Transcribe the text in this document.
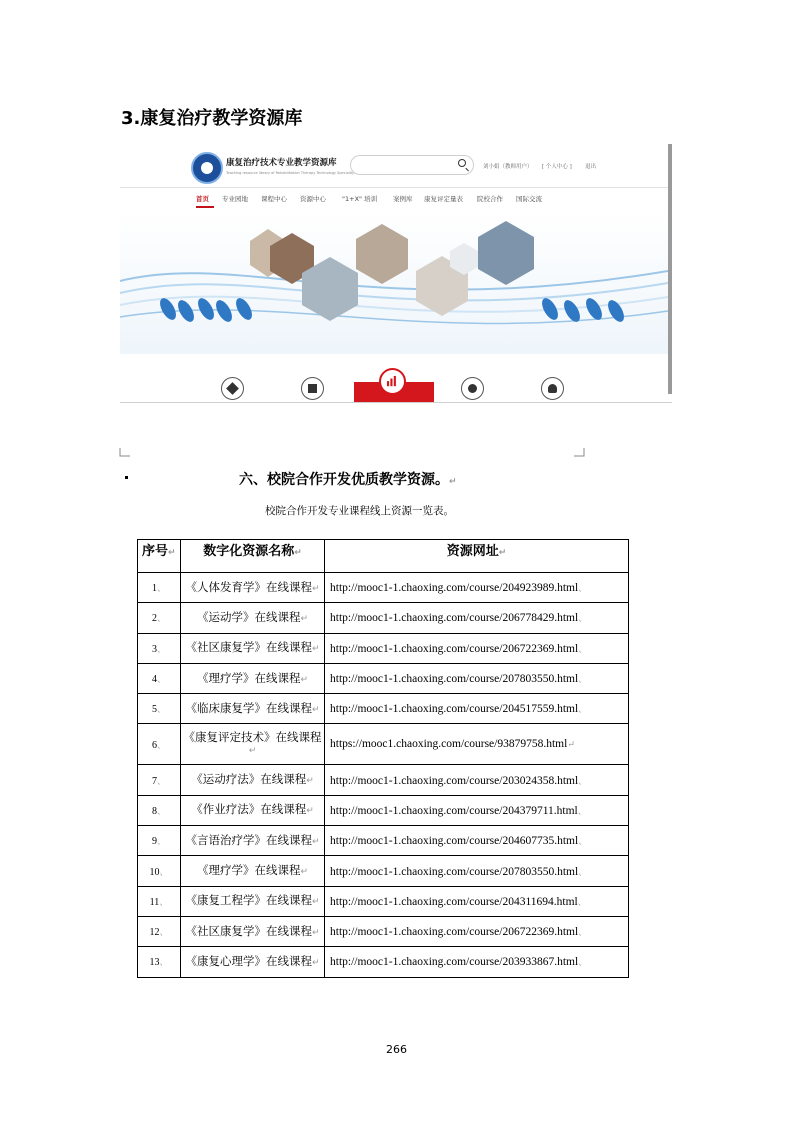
3.康复治疗教学资源库
康复治疗技术专业教学资源库
Teaching resource library of Rehabilitation Therapy Technology Speciality
刘小娟（教师用户） [ 个人中心 ] 退出
首页 专业园地 课程中心 资源中心 "1+X" 培训 案例库 康复评定量表 院校合作 国际交流
六、校院合作开发优质教学资源。↵
校院合作开发专业课程线上资源一览表。
序号↵	数字化资源名称↵	资源网址↵
1、	《人体发育学》在线课程↵	http://mooc1-1.chaoxing.com/course/204923989.html、
2、	《运动学》在线课程↵	http://mooc1-1.chaoxing.com/course/206778429.html、
3、	《社区康复学》在线课程↵	http://mooc1-1.chaoxing.com/course/206722369.html、
4、	《理疗学》在线课程↵	http://mooc1-1.chaoxing.com/course/207803550.html、
5、	《临床康复学》在线课程↵	http://mooc1-1.chaoxing.com/course/204517559.html、
6、	《康复评定技术》在线课程↵	https://mooc1.chaoxing.com/course/93879758.html↵
7、	《运动疗法》在线课程↵	http://mooc1-1.chaoxing.com/course/203024358.html、
8、	《作业疗法》在线课程↵	http://mooc1-1.chaoxing.com/course/204379711.html、
9、	《言语治疗学》在线课程↵	http://mooc1-1.chaoxing.com/course/204607735.html、
10、	《理疗学》在线课程↵	http://mooc1-1.chaoxing.com/course/207803550.html、
11、	《康复工程学》在线课程↵	http://mooc1-1.chaoxing.com/course/204311694.html、
12、	《社区康复学》在线课程↵	http://mooc1-1.chaoxing.com/course/206722369.html、
13、	《康复心理学》在线课程↵	http://mooc1-1.chaoxing.com/course/203933867.html、
266
